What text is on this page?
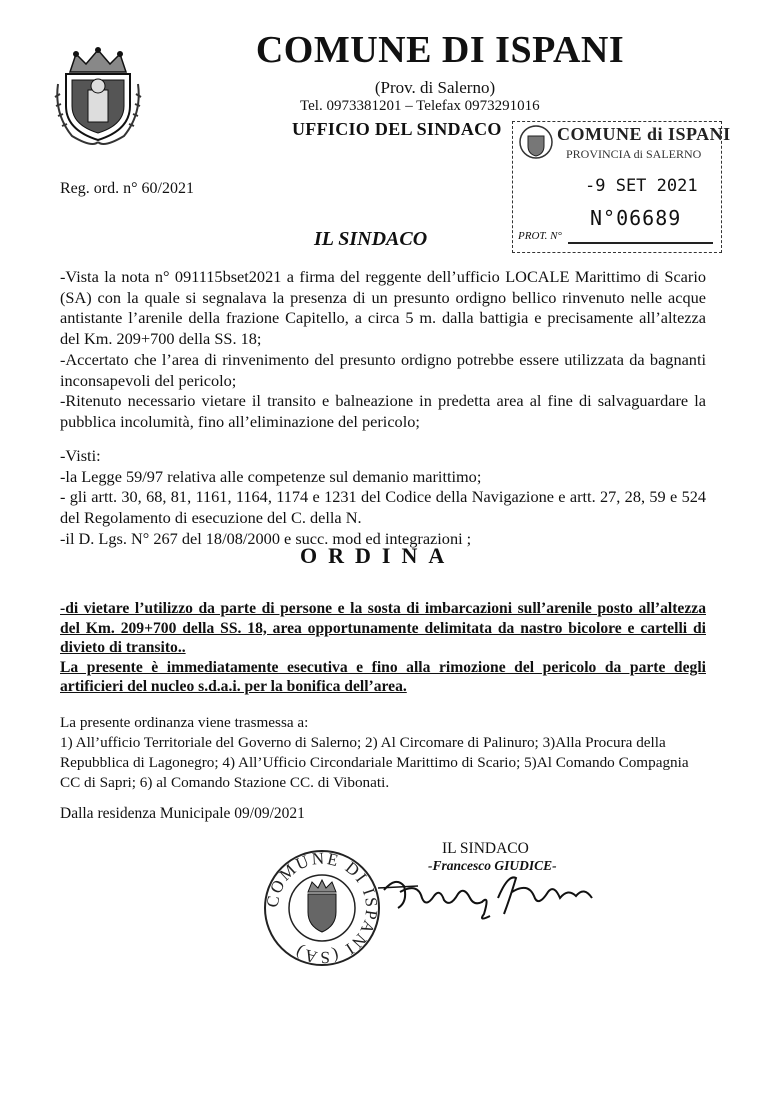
COMUNE DI ISPANI
(Prov. di Salerno)
Tel. 0973381201 – Telefax 0973291016
UFFICIO DEL SINDACO	COMUNE di ISPANI
PROVINCIA di SALERNO
-9 SET 2021
N°06689
PROT. N°
Reg. ord. n° 60/2021
IL SINDACO

-Vista la nota n° 091115bset2021 a firma del reggente dell’ufficio LOCALE Marittimo di Scario (SA) con la quale si segnalava la presenza di un presunto ordigno bellico rinvenuto nelle acque antistante l’arenile della frazione Capitello, a circa 5 m. dalla battigia e precisamente all’altezza del Km. 209+700 della SS. 18;

-Accertato che l’area di rinvenimento del presunto ordigno potrebbe essere utilizzata da bagnanti inconsapevoli del pericolo;

-Ritenuto necessario vietare il transito e balneazione in predetta area al fine di salvaguardare la pubblica incolumità, fino all’eliminazione del pericolo;

-Visti:

-la Legge 59/97 relativa alle competenze sul demanio marittimo;

- gli artt. 30, 68, 81, 1161, 1164, 1174 e 1231 del Codice della Navigazione e artt. 27, 28, 59 e 524 del Regolamento di esecuzione del C. della N.

-il D. Lgs. N° 267 del 18/08/2000 e succ. mod ed integrazioni ;

ORDINA

-di vietare l’utilizzo da parte di persone e la sosta di imbarcazioni sull’arenile posto all’altezza del Km. 209+700 della SS. 18, area opportunamente delimitata da nastro bicolore e cartelli di divieto di transito..

La presente è immediatamente esecutiva e fino alla rimozione del pericolo da parte degli artificieri del nucleo s.d.a.i. per la bonifica dell’area.

La presente ordinanza viene trasmessa a:

1) All’ufficio Territoriale del Governo di Salerno; 2) Al Circomare di Palinuro; 3)Alla Procura della Repubblica di Lagonegro; 4) All’Ufficio Circondariale Marittimo di Scario; 5)Al Comando Compagnia CC di Sapri; 6) al Comando Stazione CC. di Vibonati.

Dalla residenza Municipale 09/09/2021
COMUNE DI ISPANI (SA)
IL SINDACO
-Francesco GIUDICE-
